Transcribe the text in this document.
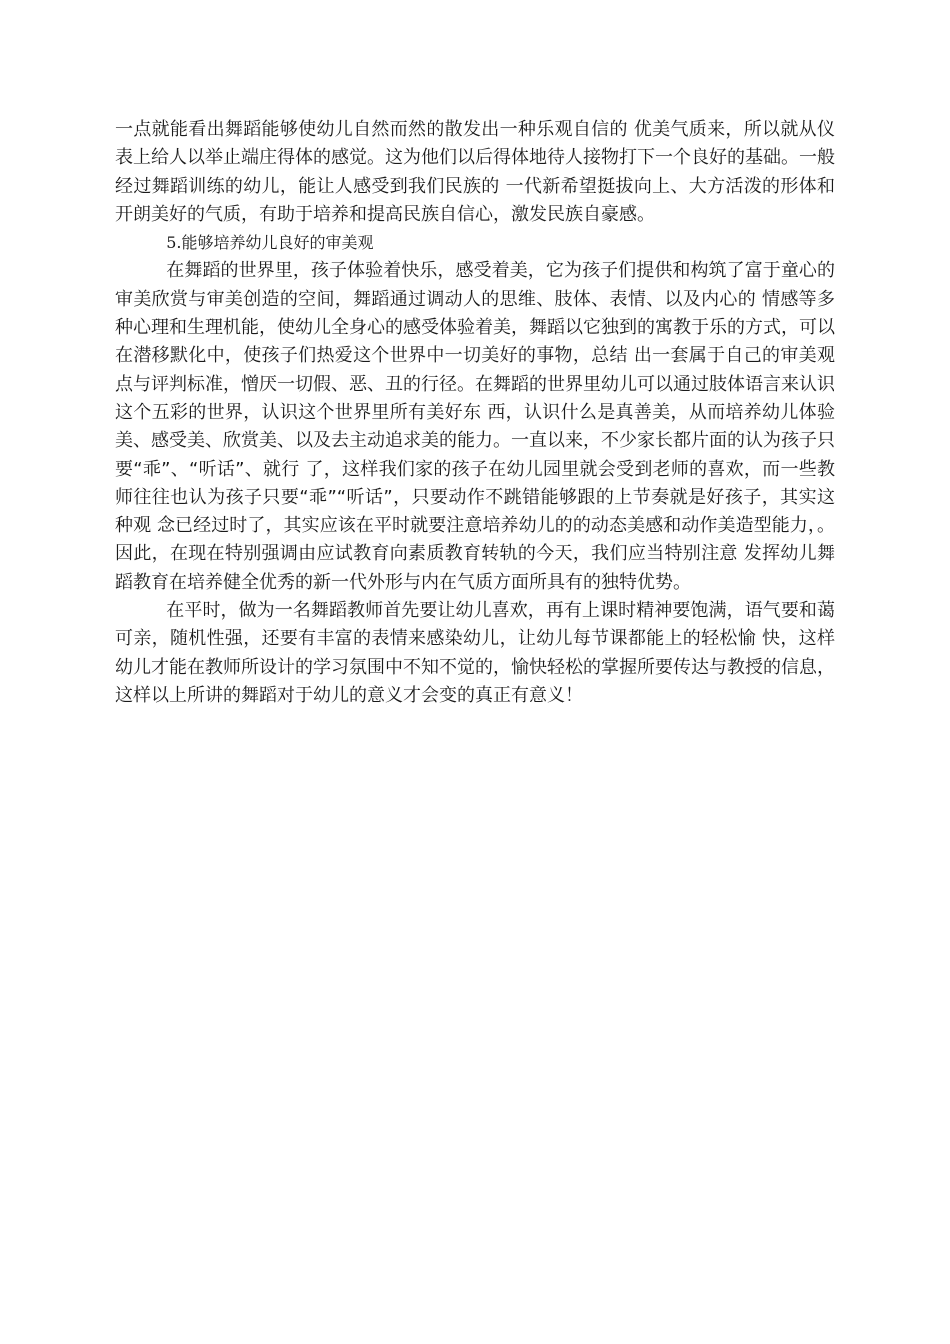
一点就能看出舞蹈能够使幼儿自然而然的散发出一种乐观自信的 优美气质来，所以就从仪表上给人以举止端庄得体的感觉。这为他们以后得体地待人接物打下一个良好的基础。一般经过舞蹈训练的幼儿，能让人感受到我们民族的 一代新希望挺拔向上、大方活泼的形体和开朗美好的气质，有助于培养和提高民族自信心，激发民族自豪感。

5.能够培养幼儿良好的审美观

在舞蹈的世界里，孩子体验着快乐，感受着美，它为孩子们提供和构筑了富于童心的审美欣赏与审美创造的空间，舞蹈通过调动人的思维、肢体、表情、以及内心的 情感等多种心理和生理机能，使幼儿全身心的感受体验着美，舞蹈以它独到的寓教于乐的方式，可以在潜移默化中，使孩子们热爱这个世界中一切美好的事物，总结 出一套属于自己的审美观点与评判标准，憎厌一切假、恶、丑的行径。在舞蹈的世界里幼儿可以通过肢体语言来认识这个五彩的世界，认识这个世界里所有美好东 西，认识什么是真善美，从而培养幼儿体验美、感受美、欣赏美、以及去主动追求美的能力。一直以来，不少家长都片面的认为孩子只要“乖”、“听话”、就行 了，这样我们家的孩子在幼儿园里就会受到老师的喜欢，而一些教师往往也认为孩子只要“乖”“听话”，只要动作不跳错能够跟的上节奏就是好孩子，其实这种观 念已经过时了，其实应该在平时就要注意培养幼儿的的动态美感和动作美造型能力，。因此，在现在特别强调由应试教育向素质教育转轨的今天，我们应当特别注意 发挥幼儿舞蹈教育在培养健全优秀的新一代外形与内在气质方面所具有的独特优势。

在平时，做为一名舞蹈教师首先要让幼儿喜欢，再有上课时精神要饱满，语气要和蔼可亲，随机性强，还要有丰富的表情来感染幼儿，让幼儿每节课都能上的轻松愉 快，这样幼儿才能在教师所设计的学习氛围中不知不觉的，愉快轻松的掌握所要传达与教授的信息，这样以上所讲的舞蹈对于幼儿的意义才会变的真正有意义！
